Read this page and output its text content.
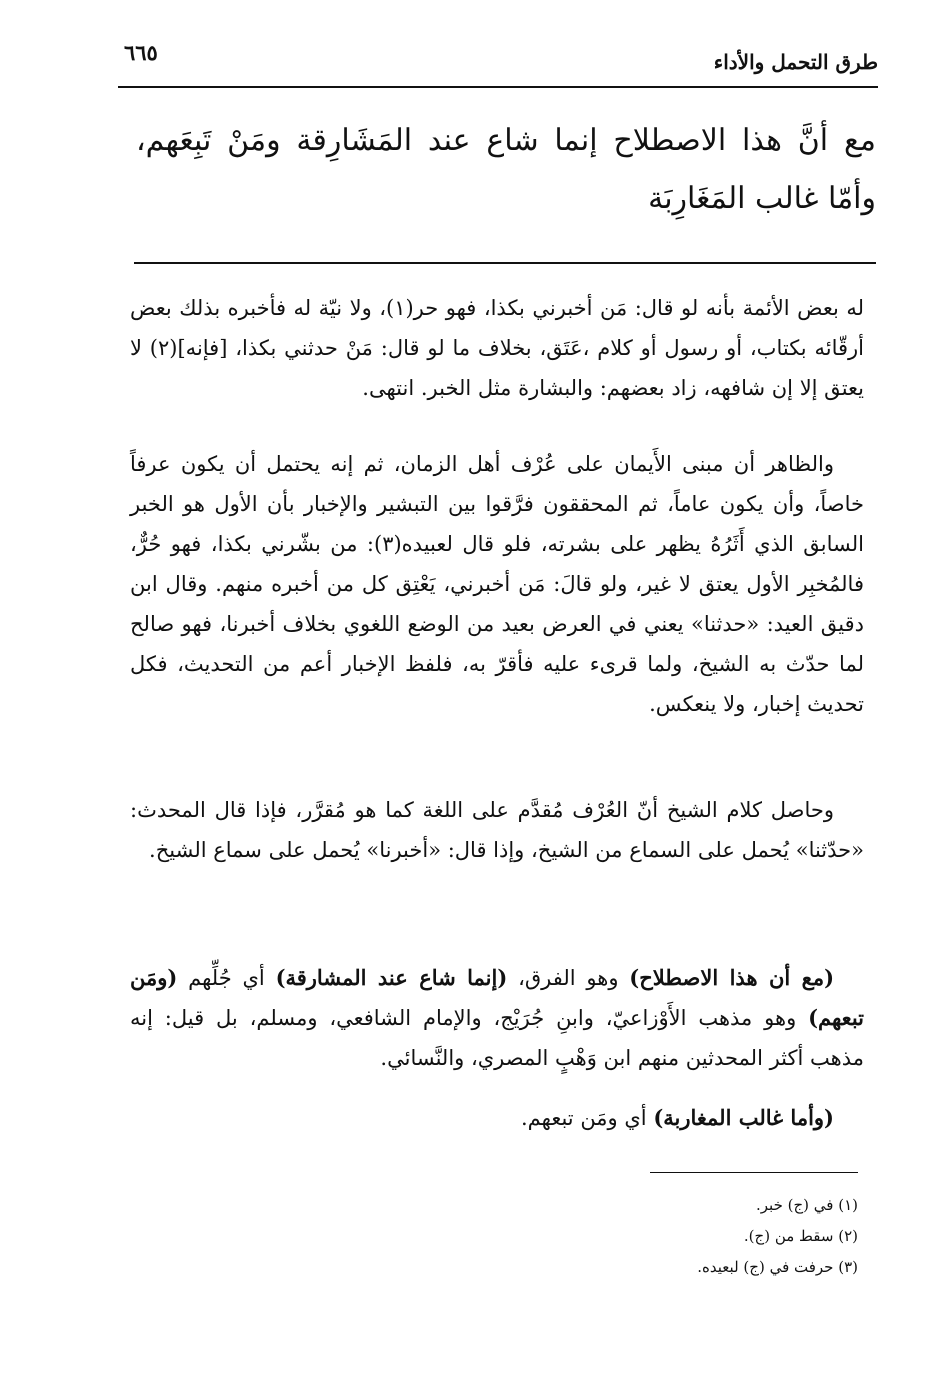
طرق التحمل والأداء
٦٦٥
مع أنَّ هذا الاصطلاح إنما شاع عند المَشَارِقة ومَنْ تَبِعَهم، وأمّا غالب المَغَارِبَة

له بعض الأئمة بأنه لو قال: مَن أخبرني بكذا، فهو حر(١)، ولا نيّة له فأخبره بذلك بعض أرقّائه بكتاب، أو رسول أو كلام ،عَتَق، بخلاف ما لو قال: مَنْ حدثني بكذا، [فإنه](٢) لا يعتق إلا إن شافهه، زاد بعضهم: والبشارة مثل الخبر. انتهى.

والظاهر أن مبنى الأَيمان على عُرْف أهل الزمان، ثم إنه يحتمل أن يكون عرفاً خاصاً، وأن يكون عاماً، ثم المحققون فرَّقوا بين التبشير والإخبار بأن الأول هو الخبر السابق الذي أَثَرُهُ يظهر على بشرته، فلو قال لعبيده(٣): من بشّرني بكذا، فهو حُرٌّ، فالمُخبِر الأول يعتق لا غير، ولو قالَ: مَن أخبرني، يَعْتِق كل من أخبره منهم. وقال ابن دقيق العيد: «حدثنا» يعني في العرض بعيد من الوضع اللغوي بخلاف أخبرنا، فهو صالح لما حدّث به الشيخ، ولما قرىء عليه فأقرّ به، فلفظ الإخبار أعم من التحديث، فكل تحديث إخبار، ولا ينعكس.

وحاصل كلام الشيخ أنّ العُرْف مُقدَّم على اللغة كما هو مُقرَّر، فإذا قال المحدث: «حدّثنا» يُحمل على السماع من الشيخ، وإذا قال: «أخبرنا» يُحمل على سماع الشيخ.

(مع أن هذا الاصطلاح) وهو الفرق، (إنما شاع عند المشارقة) أي جُلِّهم (ومَن تبعهم) وهو مذهب الأَوْزاعيّ، وابنِ جُرَيْج، والإمام الشافعي، ومسلم، بل قيل: إنه مذهب أكثر المحدثين منهم ابن وَهْبٍ المصري، والنَّسائي.

(وأما غالب المغاربة) أي ومَن تبعهم.

(١) في (ج) خبر.
(٢) سقط من (ج).
(٣) حرفت في (ج) لبعيده.
